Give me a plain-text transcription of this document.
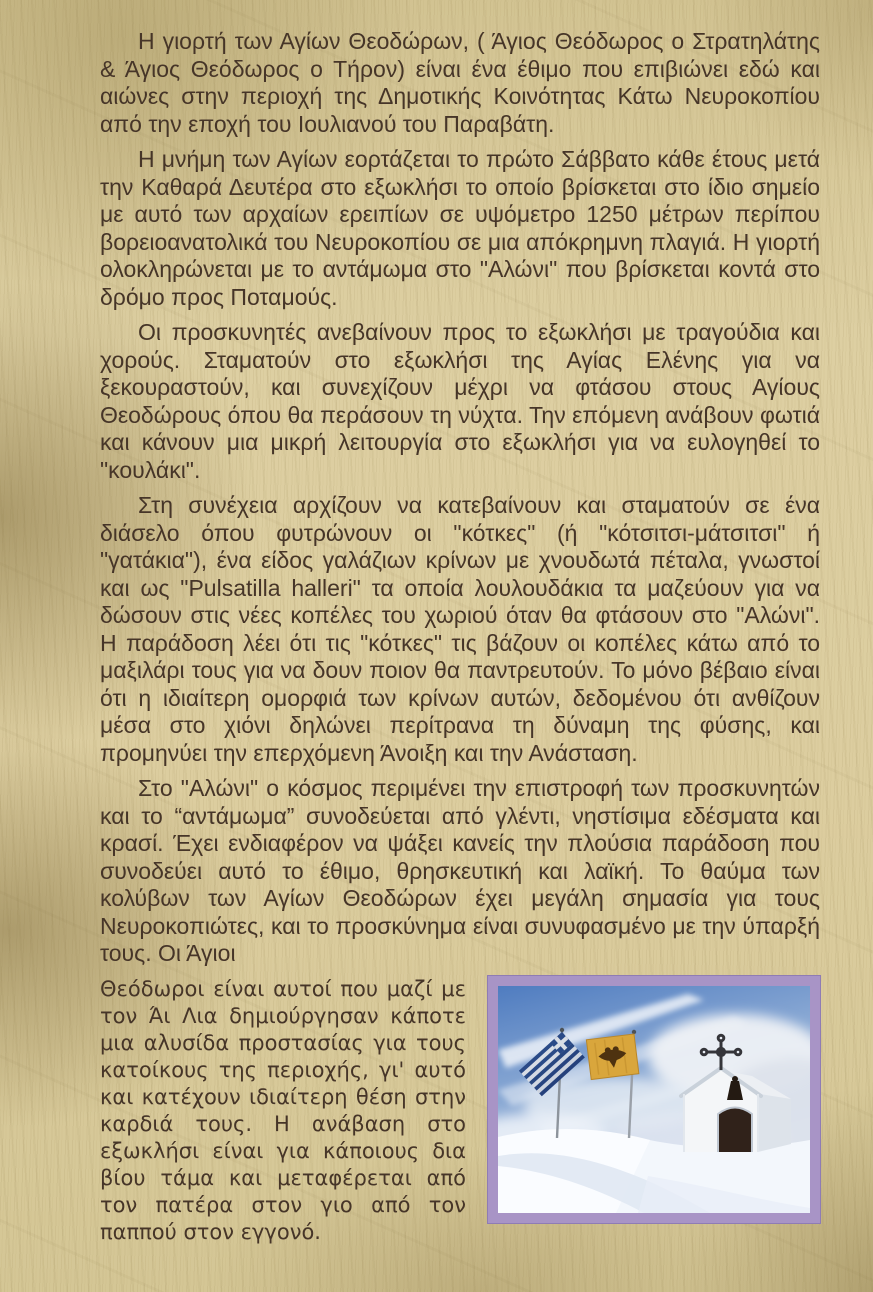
Η γιορτή των Αγίων Θεοδώρων, ( Άγιος Θεόδωρος ο Στρατηλάτης & Άγιος Θεόδωρος ο Τήρον) είναι ένα έθιμο που επιβιώνει εδώ και αιώνες στην περιοχή της Δημοτικής Κοινότητας Κάτω Νευροκοπίου από την εποχή του Ιουλιανού του Παραβάτη.

Η μνήμη των Αγίων εορτάζεται το πρώτο Σάββατο κάθε έτους μετά την Καθαρά Δευτέρα στο εξωκλήσι το οποίο βρίσκεται στο ίδιο σημείο με αυτό των αρχαίων ερειπίων σε υψόμετρο 1250 μέτρων περίπου βορειοανατολικά του Νευροκοπίου σε μια απόκρημνη πλαγιά. Η γιορτή ολοκληρώνεται με το αντάμωμα στο "Αλώνι" που βρίσκεται κοντά στο δρόμο προς Ποταμούς.

Οι προσκυνητές ανεβαίνουν προς το εξωκλήσι με τραγούδια και χορούς. Σταματούν στο εξωκλήσι της Αγίας Ελένης για να ξεκουραστούν, και συνεχίζουν μέχρι να φτάσου στους Αγίους Θεοδώρους όπου θα περάσουν τη νύχτα. Την επόμενη ανάβουν φωτιά και κάνουν μια μικρή λειτουργία στο εξωκλήσι για να ευλογηθεί το "κουλάκι".

Στη συνέχεια αρχίζουν να κατεβαίνουν και σταματούν σε ένα διάσελο όπου φυτρώνουν οι "κότκες" (ή "κότσιτσι-μάτσιτσι" ή "γατάκια"), ένα είδος γαλάζιων κρίνων με χνουδωτά πέταλα, γνωστοί και ως "Pulsatilla halleri" τα οποία λουλουδάκια τα μαζεύουν για να δώσουν στις νέες κοπέλες του χωριού όταν θα φτάσουν στο "Αλώνι". Η παράδοση λέει ότι τις "κότκες" τις βάζουν οι κοπέλες κάτω από το μαξιλάρι τους για να δουν ποιον θα παντρευτούν. Το μόνο βέβαιο είναι ότι η ιδιαίτερη ομορφιά των κρίνων αυτών, δεδομένου ότι ανθίζουν μέσα στο χιόνι δηλώνει περίτρανα τη δύναμη της φύσης, και προμηνύει την επερχόμενη Άνοιξη και την Ανάσταση.

Στο "Αλώνι" ο κόσμος περιμένει την επιστροφή των προσκυνητών και το “αντάμωμα” συνοδεύεται από γλέντι, νηστίσιμα εδέσματα και κρασί. Έχει ενδιαφέρον να ψάξει κανείς την πλούσια παράδοση που συνοδεύει αυτό το έθιμο, θρησκευτική και λαϊκή. Το θαύμα των κολύβων των Αγίων Θεοδώρων έχει μεγάλη σημασία για τους Νευροκοπιώτες, και το προσκύνημα είναι συνυφασμένο με την ύπαρξή τους. Οι Άγιοι

Θεόδωροι είναι αυτοί που μαζί με τον Άι Λια δημιούργησαν κάποτε μια αλυσίδα προστασίας για τους κατοίκους της περιοχής, γι' αυτό και κατέχουν ιδιαίτερη θέση στην καρδιά τους. Η ανάβαση στο εξωκλήσι είναι για κάποιους δια βίου τάμα και μεταφέρεται από τον πατέρα στον γιο από τον παππού στον εγγονό.
